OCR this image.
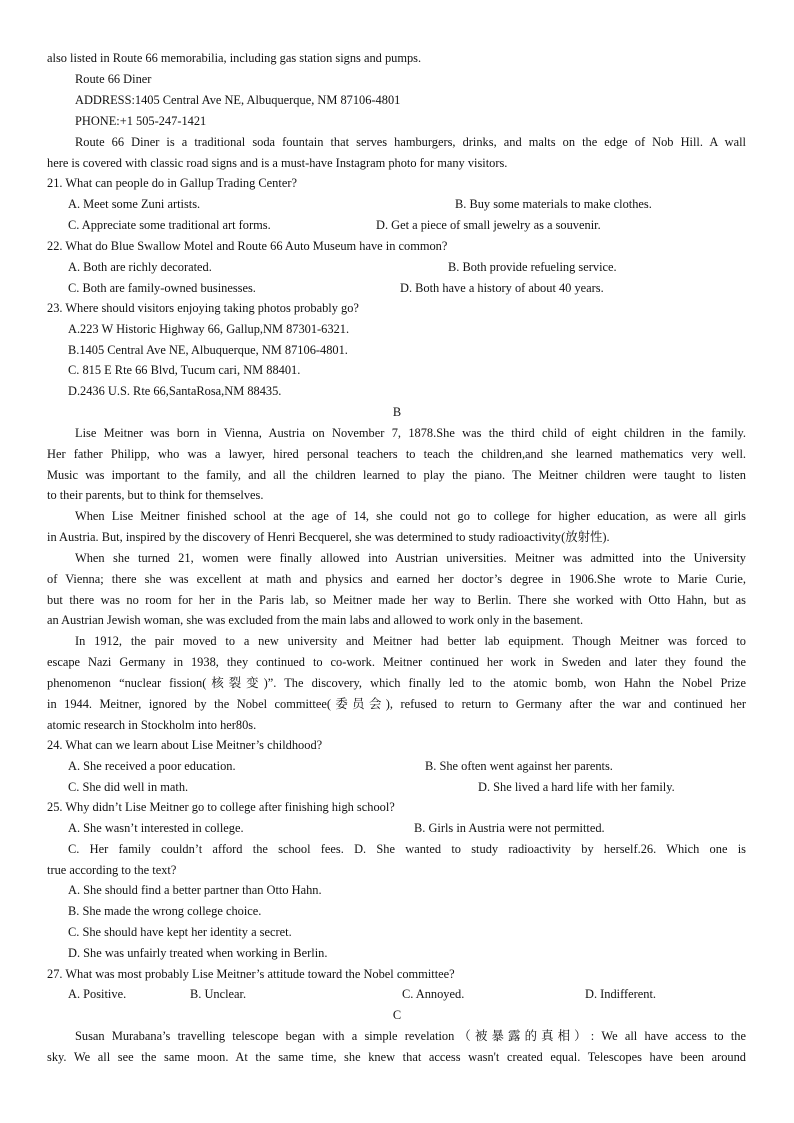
also listed in Route 66 memorabilia, including gas station signs and pumps.
Route 66 Diner
ADDRESS:1405 Central Ave NE, Albuquerque, NM 87106-4801
PHONE:+1 505-247-1421
Route 66 Diner is a traditional soda fountain that serves hamburgers, drinks, and malts on the edge of Nob Hill. A wall
here is covered with classic road signs and is a must-have Instagram photo for many visitors.
21. What can people do in Gallup Trading Center?
A. Meet some Zuni artists.	B. Buy some materials to make clothes.
C. Appreciate some traditional art forms.	D. Get a piece of small jewelry as a souvenir.
22. What do Blue Swallow Motel and Route 66 Auto Museum have in common?
A. Both are richly decorated.	B. Both provide refueling service.
C. Both are family-owned businesses.	D. Both have a history of about 40 years.
23. Where should visitors enjoying taking photos probably go?
A.223 W Historic Highway 66, Gallup,NM 87301-6321.
B.1405 Central Ave NE, Albuquerque, NM 87106-4801.
C. 815 E Rte 66 Blvd, Tucum cari, NM 88401.
D.2436 U.S. Rte 66,SantaRosa,NM 88435.
B
Lise Meitner was born in Vienna, Austria on November 7, 1878.She was the third child of eight children in the family.
Her father Philipp, who was a lawyer, hired personal teachers to teach the children,and she learned mathematics very well.
Music was important to the family, and all the children learned to play the piano. The Meitner children were taught to listen
to their parents, but to think for themselves.
When Lise Meitner finished school at the age of 14, she could not go to college for higher education, as were all girls
in Austria. But, inspired by the discovery of Henri Becquerel, she was determined to study radioactivity(放射性).
When she turned 21, women were finally allowed into Austrian universities. Meitner was admitted into the University
of Vienna; there she was excellent at math and physics and earned her doctor’s degree in 1906.She wrote to Marie Curie,
but there was no room for her in the Paris lab, so Meitner made her way to Berlin. There she worked with Otto Hahn, but as
an Austrian Jewish woman, she was excluded from the main labs and allowed to work only in the basement.
In 1912, the pair moved to a new university and Meitner had better lab equipment. Though Meitner was forced to
escape Nazi Germany in 1938, they continued to co-work. Meitner continued her work in Sweden and later they found the
phenomenon “nuclear fission(核裂变)”. The discovery, which finally led to the atomic bomb, won Hahn the Nobel Prize
in 1944. Meitner, ignored by the Nobel committee(委员会), refused to return to Germany after the war and continued her
atomic research in Stockholm into her80s.
24. What can we learn about Lise Meitner’s childhood?
A. She received a poor education.	B. She often went against her parents.
C. She did well in math.	D. She lived a hard life with her family.
25. Why didn’t Lise Meitner go to college after finishing high school?
A. She wasn’t interested in college.	B. Girls in Austria were not permitted.
C. Her family couldn’t afford the school fees. D. She wanted to study radioactivity by herself.26. Which one is
true according to the text?
A. She should find a better partner than Otto Hahn.
B. She made the wrong college choice.
C. She should have kept her identity a secret.
D. She was unfairly treated when working in Berlin.
27. What was most probably Lise Meitner’s attitude toward the Nobel committee?
A. Positive.	B. Unclear.	C. Annoyed.	D. Indifferent.
C
Susan Murabana’s travelling telescope began with a simple revelation（被暴露的真相）: We all have access to the
sky. We all see the same moon. At the same time, she knew that access wasn't created equal. Telescopes have been around
